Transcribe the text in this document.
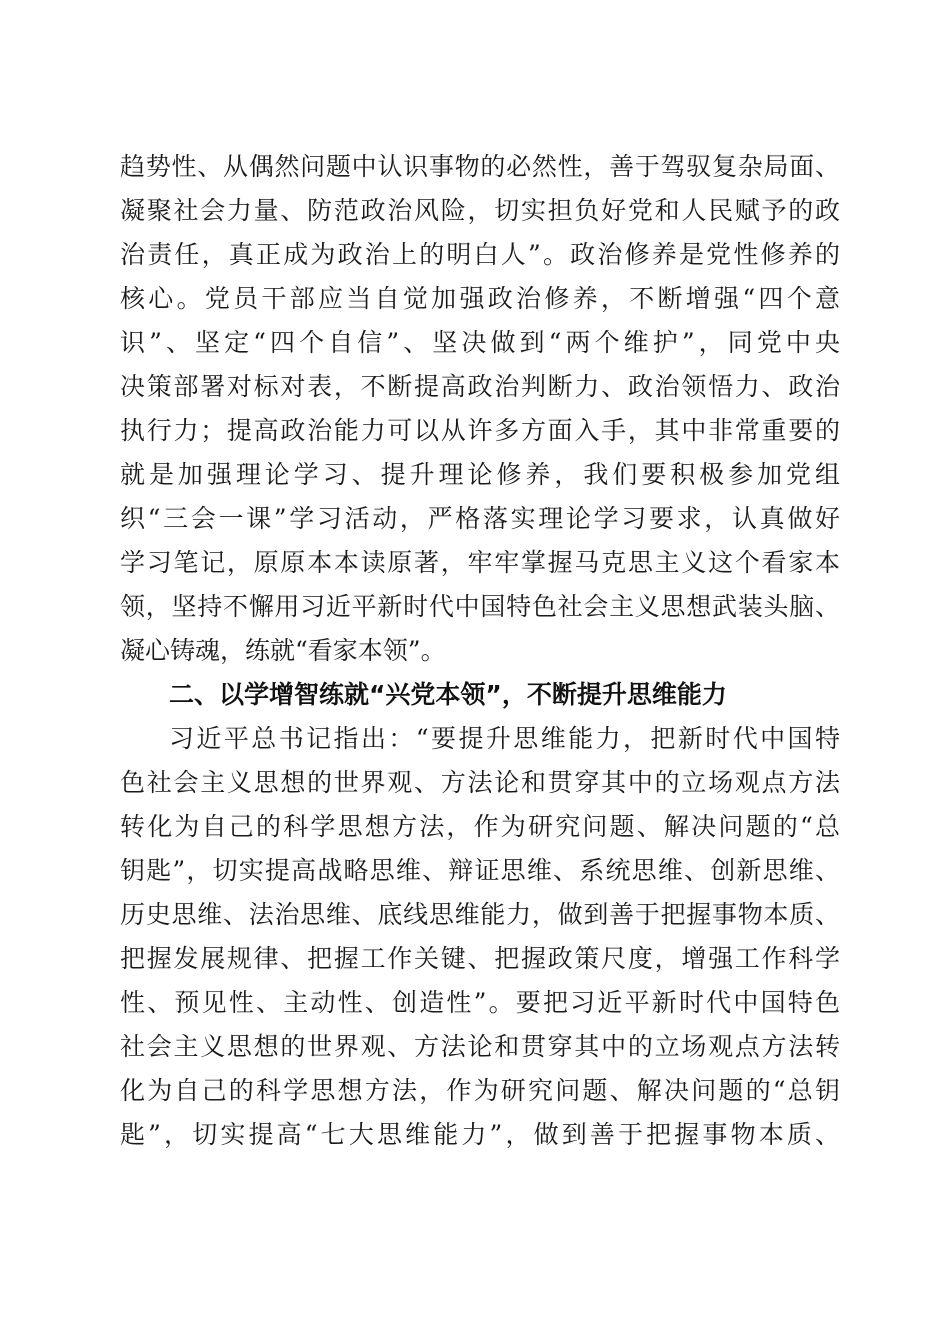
趋势性、从偶然问题中认识事物的必然性，善于驾驭复杂局面、
凝聚社会力量、防范政治风险，切实担负好党和人民赋予的政
治责任，真正成为政治上的明白人”。政治修养是党性修养的
核心。党员干部应当自觉加强政治修养，不断增强“四个意
识”、坚定“四个自信”、坚决做到“两个维护”，同党中央
决策部署对标对表，不断提高政治判断力、政治领悟力、政治
执行力；提高政治能力可以从许多方面入手，其中非常重要的
就是加强理论学习、提升理论修养，我们要积极参加党组
织“三会一课”学习活动，严格落实理论学习要求，认真做好
学习笔记，原原本本读原著，牢牢掌握马克思主义这个看家本
领，坚持不懈用习近平新时代中国特色社会主义思想武装头脑、
凝心铸魂，练就“看家本领”。
二、以学增智练就“兴党本领”，不断提升思维能力
习近平总书记指出：“要提升思维能力，把新时代中国特
色社会主义思想的世界观、方法论和贯穿其中的立场观点方法
转化为自己的科学思想方法，作为研究问题、解决问题的“总
钥匙”，切实提高战略思维、辩证思维、系统思维、创新思维、
历史思维、法治思维、底线思维能力，做到善于把握事物本质、
把握发展规律、把握工作关键、把握政策尺度，增强工作科学
性、预见性、主动性、创造性”。要把习近平新时代中国特色
社会主义思想的世界观、方法论和贯穿其中的立场观点方法转
化为自己的科学思想方法，作为研究问题、解决问题的“总钥
匙”，切实提高“七大思维能力”，做到善于把握事物本质、
